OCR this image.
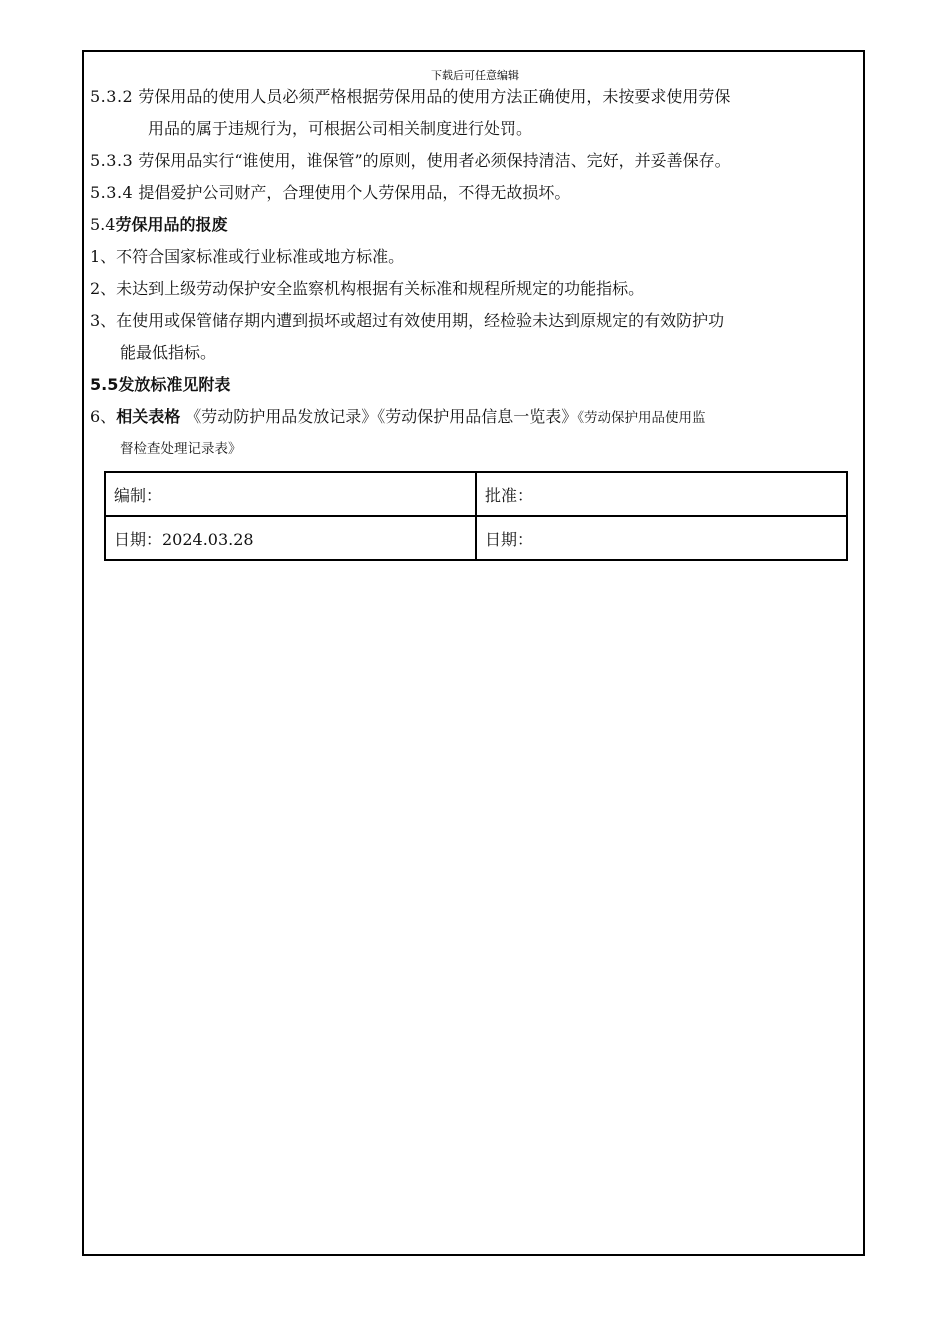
下载后可任意编辑
5.3.2 劳保用品的使用人员必须严格根据劳保用品的使用方法正确使用，未按要求使用劳保
用品的属于违规行为，可根据公司相关制度进行处罚。
5.3.3 劳保用品实行“谁使用，谁保管”的原则，使用者必须保持清洁、完好，并妥善保存。
5.3.4 提倡爱护公司财产，合理使用个人劳保用品，不得无故损坏。
5.4劳保用品的报废
1、不符合国家标准或行业标准或地方标准。
2、未达到上级劳动保护安全监察机构根据有关标准和规程所规定的功能指标。
3、在使用或保管储存期内遭到损坏或超过有效使用期，经检验未达到原规定的有效防护功
能最低指标。
5.5发放标准见附表
6、相关表格 《劳动防护用品发放记录》《劳动保护用品信息一览表》《劳动保护用品使用监
督检查处理记录表》
编制：	批准：
日期：2024.03.28	日期：
